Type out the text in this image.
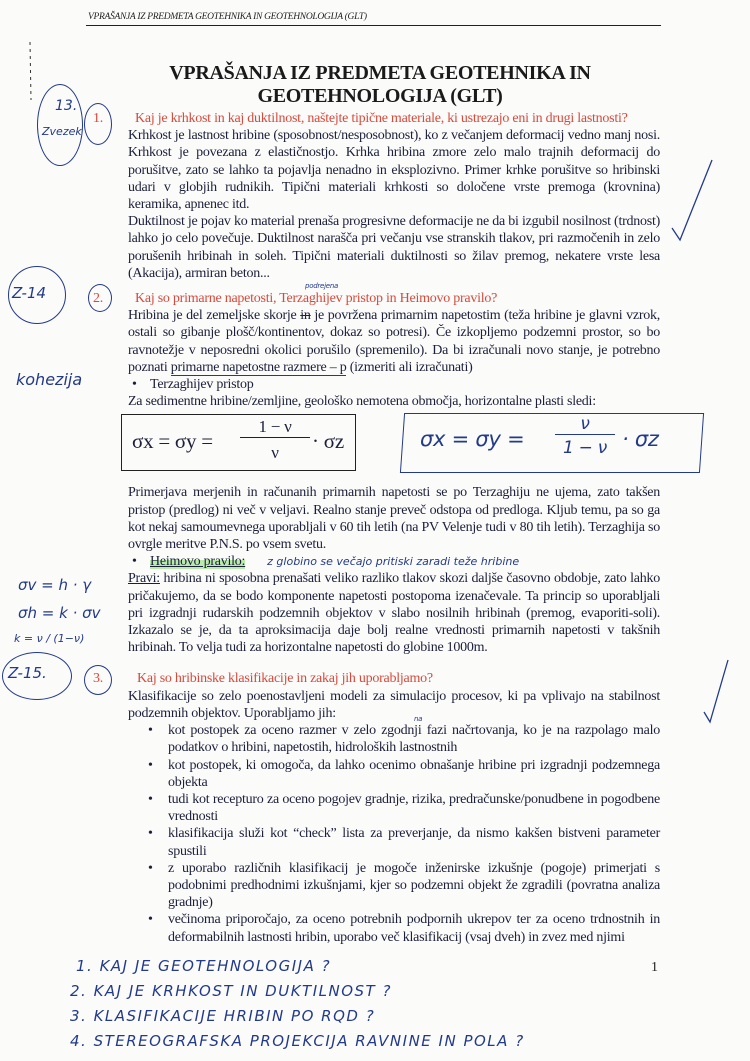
VPRAŠANJA IZ PREDMETA GEOTEHNIKA IN GEOTEHNOLOGIJA (GLT)
VPRAŠANJA IZ PREDMETA GEOTEHNIKA IN
GEOTEHNOLOGIJA (GLT)
1. Kaj je krhkost in kaj duktilnost, naštejte tipične materiale, ki ustrezajo eni in drugi lastnosti?
Krhkost je lastnost hribine (sposobnost/nesposobnost), ko z večanjem deformacij vedno manj nosi. Krhkost je povezana z elastičnostjo. Krhka hribina zmore zelo malo trajnih deformacij do porušitve, zato se lahko ta pojavlja nenadno in eksplozivno. Primer krhke porušitve so hribinski udari v globjih rudnikih. Tipični materiali krhkosti so določene vrste premoga (krovnina) keramika, apnenec itd.
Duktilnost je pojav ko material prenaša progresivne deformacije ne da bi izgubil nosilnost (trdnost) lahko jo celo povečuje. Duktilnost narašča pri večanju vse stranskih tlakov, pri razmočenih in zelo porušenih hribinah in soleh. Tipični materiali duktilnosti so žilav premog, nekatere vrste lesa (Akacija), armiran beton...
2. Kaj so primarne napetosti, Terzaghijev pristop in Heimovo pravilo?
podrejena
Hribina je del zemeljske skorje in je povržena primarnim napetostim (teža hribine je glavni vzrok, ostali so gibanje plošč/kontinentov, dokaz so potresi). Če izkopljemo podzemni prostor, so bo ravnotežje v neposredni okolici porušilo (spremenilo). Da bi izračunali novo stanje, je potrebno poznati primarne napetostne razmere – p (izmeriti ali izračunati)
• Terzaghijev pristop
Za sedimentne hribine/zemljine, geološko nemotena območja, horizontalne plasti sledi:
σx = σy =
1 − ν
ν	· σz	σx = σy =
ν
1 − ν · σz
Primerjava merjenih in računanih primarnih napetosti se po Terzaghiju ne ujema, zato takšen pristop (predlog) ni več v veljavi. Realno stanje preveč odstopa od predloga. Kljub temu, pa so ga kot nekaj samoumevnega uporabljali v 60 tih letih (na PV Velenje tudi v 80 tih letih). Terzaghija so ovrgle meritve P.N.S. po vsem svetu.
• Heimovo pravilo: z globino se večajo pritiski zaradi teže hribine
Pravi: hribina ni sposobna prenašati veliko razliko tlakov skozi daljše časovno obdobje, zato lahko pričakujemo, da se bodo komponente napetosti postopoma izenačevale. Ta princip so uporabljali pri izgradnji rudarskih podzemnih objektov v slabo nosilnih hribinah (premog, evaporiti-soli). Izkazalo se je, da ta aproksimacija daje bolj realne vrednosti primarnih napetosti v takšnih hribinah. To velja tudi za horizontalne napetosti do globine 1000m.
3. Kaj so hribinske klasifikacije in zakaj jih uporabljamo?
Klasifikacije so zelo poenostavljeni modeli za simulacijo procesov, ki pa vplivajo na stabilnost podzemnih objektov. Uporabljamo jih:
• kot postopek za oceno razmer v zelo zgodnji fazi načrtovanja, ko je na razpolago malo podatkov o hribini, napetostih, hidroloških lastnostnih
na
• kot postopek, ki omogoča, da lahko ocenimo obnašanje hribine pri izgradnji podzemnega objekta
• tudi kot recepturo za oceno pogojev gradnje, rizika, predračunske/ponudbene in pogodbene vrednosti
• klasifikacija služi kot “check” lista za preverjanje, da nismo kakšen bistveni parameter spustili
• z uporabo različnih klasifikacij je mogoče inženirske izkušnje (pogoje) primerjati s podobnimi predhodnimi izkušnjami, kjer so podzemni objekt že zgradili (povratna analiza gradnje)
• večinoma priporočajo, za oceno potrebnih podpornih ukrepov ter za oceno trdnostnih in deformabilnih lastnosti hribin, uporabo več klasifikacij (vsaj dveh) in zvez med njimi
1. KAJ JE GEOTEHNOLOGIJA ?
2. KAJ JE KRHKOST IN DUKTILNOST ?
3. KLASIFIKACIJE HRIBIN PO RQD ?
4. STEREOGRAFSKA PROJEKCIJA RAVNINE IN POLA ?
1
13.
Zvezek
Z-14
kohezija
σv = h · γ
σh = k · σv
k = ν / (1−ν)
Z-15.
